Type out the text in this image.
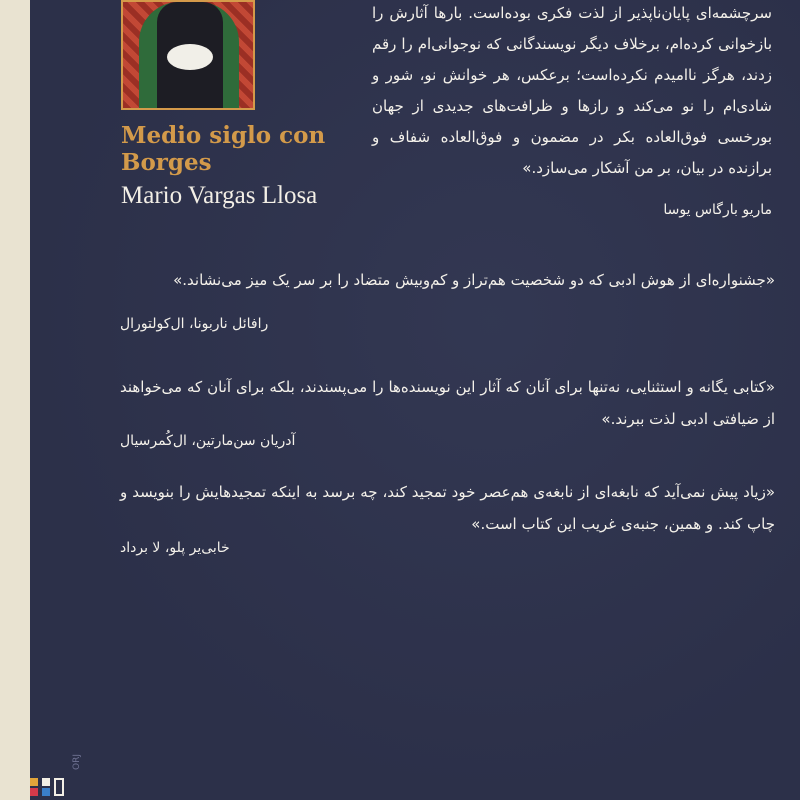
Medio siglo con Borges

Mario Vargas Llosa

سرچشمه‌ای پایان‌ناپذیر از لذت فکری بوده‌است. بارها آثارش را بازخوانی کرده‌ام، برخلاف دیگر نویسندگانی که نوجوانی‌ام را رقم زدند، هرگز ناامیدم نکرده‌است؛ برعکس، هر خوانش نو، شور و شادی‌ام را نو می‌کند و رازها و ظرافت‌های جدیدی از جهان بورخسی فوق‌العاده بکر در مضمون و فوق‌العاده شفاف و برازنده در بیان، بر من آشکار می‌سازد.»

ماریو بارگاس یوسا

«جشنواره‌ای از هوش ادبی که دو شخصیت هم‌تراز و کم‌وبیش متضاد را بر سر یک میز می‌نشاند.»

رافائل ناربونا، ال‌کولتورال

«کتابی یگانه و استثنایی، نه‌تنها برای آنان که آثار این نویسنده‌ها را می‌پسندند، بلکه برای آنان که می‌خواهند از ضیافتی ادبی لذت ببرند.»

آدریان سن‌مارتین، ال‌کُمرسیال

«زیاد پیش نمی‌آید که نابغه‌ای از نابغه‌ی هم‌عصر خود تمجید کند، چه برسد به اینکه تمجیدهایش را بنویسد و چاپ کند. و همین، جنبه‌ی غریب این کتاب است.»

خابی‌یر پلو، لا برداد

ORJ
